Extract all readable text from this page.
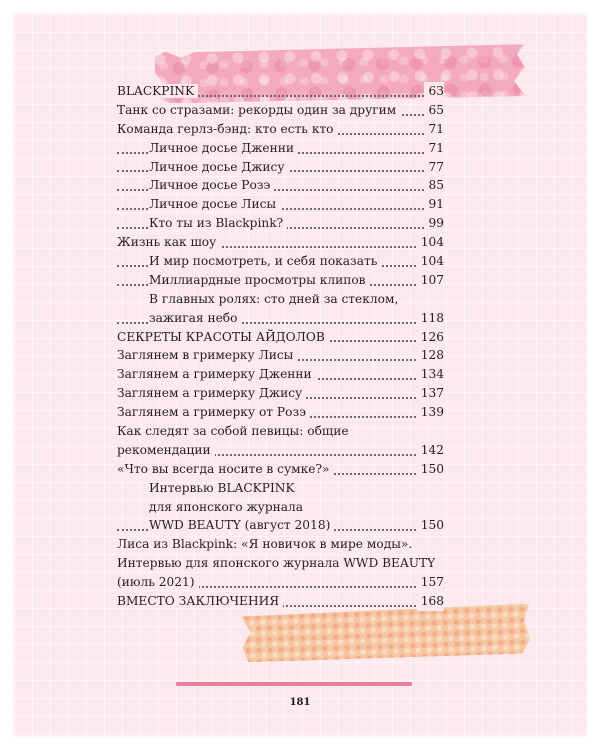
BLACKPINK	63
Танк со стразами: рекорды один за другим	65
Команда герлз-бэнд: кто есть кто	71
Личное досье Дженни	71
Личное досье Джису	77
Личное досье Розэ	85
Личное досье Лисы	91
Кто ты из Blackpink?	99
Жизнь как шоу	104
И мир посмотреть, и себя показать	104
Миллиардные просмотры клипов	107
В главных ролях: сто дней за стеклом,
зажигая небо	118
СЕКРЕТЫ КРАСОТЫ АЙДОЛОВ	126
Заглянем в гримерку Лисы	128
Заглянем а гримерку Дженни	134
Заглянем а гримерку Джису	137
Заглянем а гримерку от Розэ	139
Как следят за собой певицы: общие
рекомендации	142
«Что вы всегда носите в сумке?»	150
Интервью BLACKPINK
для японского журнала
WWD BEAUTY (август 2018)	150
Лиса из Blackpink: «Я новичок в мире моды».
Интервью для японского журнала WWD BEAUTY
(июль 2021)	157
ВМЕСТО ЗАКЛЮЧЕНИЯ	168
181
